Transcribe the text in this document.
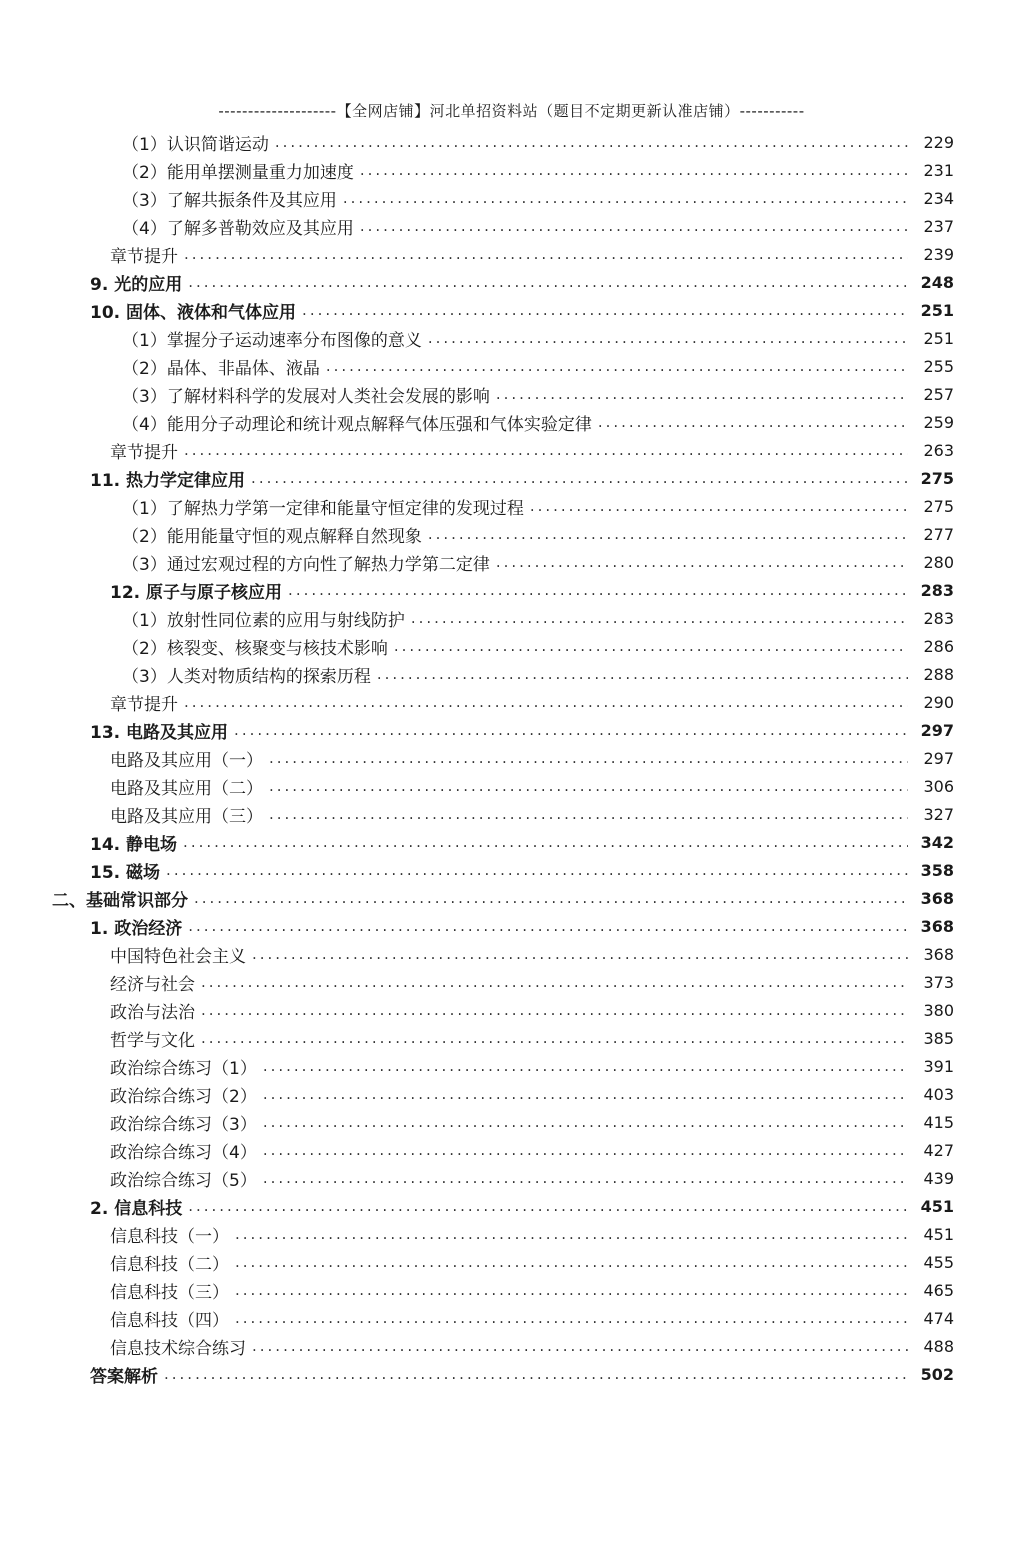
--------------------【全网店铺】河北单招资料站（题目不定期更新认准店铺）-----------
（1）认识简谐运动 .....	229
（2）能用单摆测量重力加速度 .....	231
（3）了解共振条件及其应用 .....	234
（4）了解多普勒效应及其应用 .....	237
章节提升 .....	239
9. 光的应用 .....	248
10. 固体、液体和气体应用 .....	251
（1）掌握分子运动速率分布图像的意义 .....	251
（2）晶体、非晶体、液晶 .....	255
（3）了解材料科学的发展对人类社会发展的影响 .....	257
（4）能用分子动理论和统计观点解释气体压强和气体实验定律 .....	259
章节提升 .....	263
11. 热力学定律应用 .....	275
（1）了解热力学第一定律和能量守恒定律的发现过程 .....	275
（2）能用能量守恒的观点解释自然现象 .....	277
（3）通过宏观过程的方向性了解热力学第二定律 .....	280
12. 原子与原子核应用 .....	283
（1）放射性同位素的应用与射线防护 .....	283
（2）核裂变、核聚变与核技术影响 .....	286
（3）人类对物质结构的探索历程 .....	288
章节提升 .....	290
13. 电路及其应用 .....	297
电路及其应用（一） .....	297
电路及其应用（二） .....	306
电路及其应用（三） .....	327
14. 静电场 .....	342
15. 磁场 .....	358
二、基础常识部分 .....	368
1. 政治经济 .....	368
中国特色社会主义 .....	368
经济与社会 .....	373
政治与法治 .....	380
哲学与文化 .....	385
政治综合练习（1） .....	391
政治综合练习（2） .....	403
政治综合练习（3） .....	415
政治综合练习（4） .....	427
政治综合练习（5） .....	439
2. 信息科技 .....	451
信息科技（一） .....	451
信息科技（二） .....	455
信息科技（三） .....	465
信息科技（四） .....	474
信息技术综合练习 .....	488
答案解析 .....	502
